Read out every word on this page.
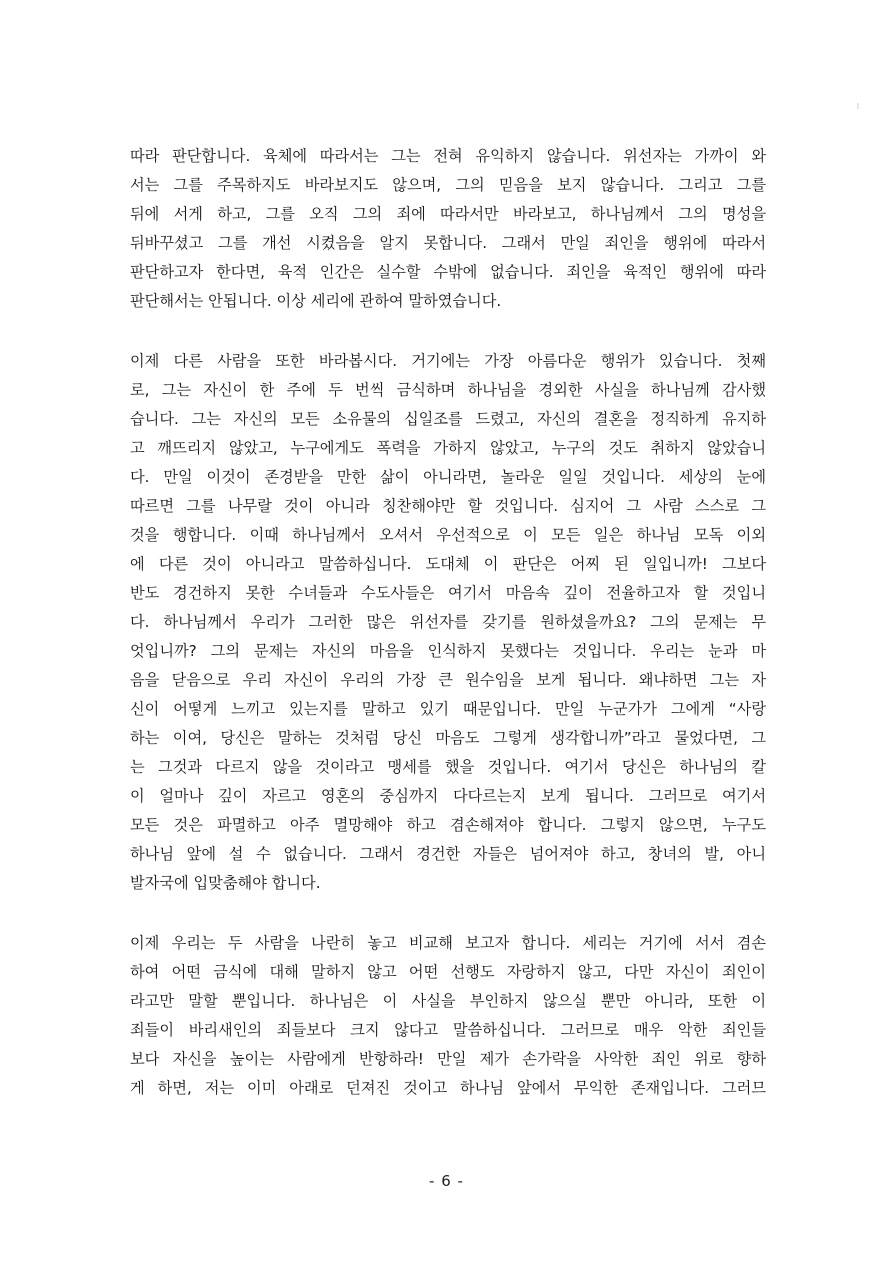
따라 판단합니다. 육체에 따라서는 그는 전혀 유익하지 않습니다. 위선자는 가까이 와
서는 그를 주목하지도 바라보지도 않으며, 그의 믿음을 보지 않습니다. 그리고 그를
뒤에 서게 하고, 그를 오직 그의 죄에 따라서만 바라보고, 하나님께서 그의 명성을
뒤바꾸셨고 그를 개선 시켰음을 알지 못합니다. 그래서 만일 죄인을 행위에 따라서
판단하고자 한다면, 육적 인간은 실수할 수밖에 없습니다. 죄인을 육적인 행위에 따라
판단해서는 안됩니다. 이상 세리에 관하여 말하였습니다.
이제 다른 사람을 또한 바라봅시다. 거기에는 가장 아름다운 행위가 있습니다. 첫째
로, 그는 자신이 한 주에 두 번씩 금식하며 하나님을 경외한 사실을 하나님께 감사했
습니다. 그는 자신의 모든 소유물의 십일조를 드렸고, 자신의 결혼을 정직하게 유지하
고 깨뜨리지 않았고, 누구에게도 폭력을 가하지 않았고, 누구의 것도 취하지 않았습니
다. 만일 이것이 존경받을 만한 삶이 아니라면, 놀라운 일일 것입니다. 세상의 눈에
따르면 그를 나무랄 것이 아니라 칭찬해야만 할 것입니다. 심지어 그 사람 스스로 그
것을 행합니다. 이때 하나님께서 오셔서 우선적으로 이 모든 일은 하나님 모독 이외
에 다른 것이 아니라고 말씀하십니다. 도대체 이 판단은 어찌 된 일입니까! 그보다
반도 경건하지 못한 수녀들과 수도사들은 여기서 마음속 깊이 전율하고자 할 것입니
다. 하나님께서 우리가 그러한 많은 위선자를 갖기를 원하셨을까요? 그의 문제는 무
엇입니까? 그의 문제는 자신의 마음을 인식하지 못했다는 것입니다. 우리는 눈과 마
음을 닫음으로 우리 자신이 우리의 가장 큰 원수임을 보게 됩니다. 왜냐하면 그는 자
신이 어떻게 느끼고 있는지를 말하고 있기 때문입니다. 만일 누군가가 그에게 “사랑
하는 이여, 당신은 말하는 것처럼 당신 마음도 그렇게 생각합니까”라고 물었다면, 그
는 그것과 다르지 않을 것이라고 맹세를 했을 것입니다. 여기서 당신은 하나님의 칼
이 얼마나 깊이 자르고 영혼의 중심까지 다다르는지 보게 됩니다. 그러므로 여기서
모든 것은 파멸하고 아주 멸망해야 하고 겸손해져야 합니다. 그렇지 않으면, 누구도
하나님 앞에 설 수 없습니다. 그래서 경건한 자들은 넘어져야 하고, 창녀의 발, 아니
발자국에 입맞춤해야 합니다.
이제 우리는 두 사람을 나란히 놓고 비교해 보고자 합니다. 세리는 거기에 서서 겸손
하여 어떤 금식에 대해 말하지 않고 어떤 선행도 자랑하지 않고, 다만 자신이 죄인이
라고만 말할 뿐입니다. 하나님은 이 사실을 부인하지 않으실 뿐만 아니라, 또한 이
죄들이 바리새인의 죄들보다 크지 않다고 말씀하십니다. 그러므로 매우 악한 죄인들
보다 자신을 높이는 사람에게 반항하라! 만일 제가 손가락을 사악한 죄인 위로 향하
게 하면, 저는 이미 아래로 던져진 것이고 하나님 앞에서 무익한 존재입니다. 그러므
- 6 -
